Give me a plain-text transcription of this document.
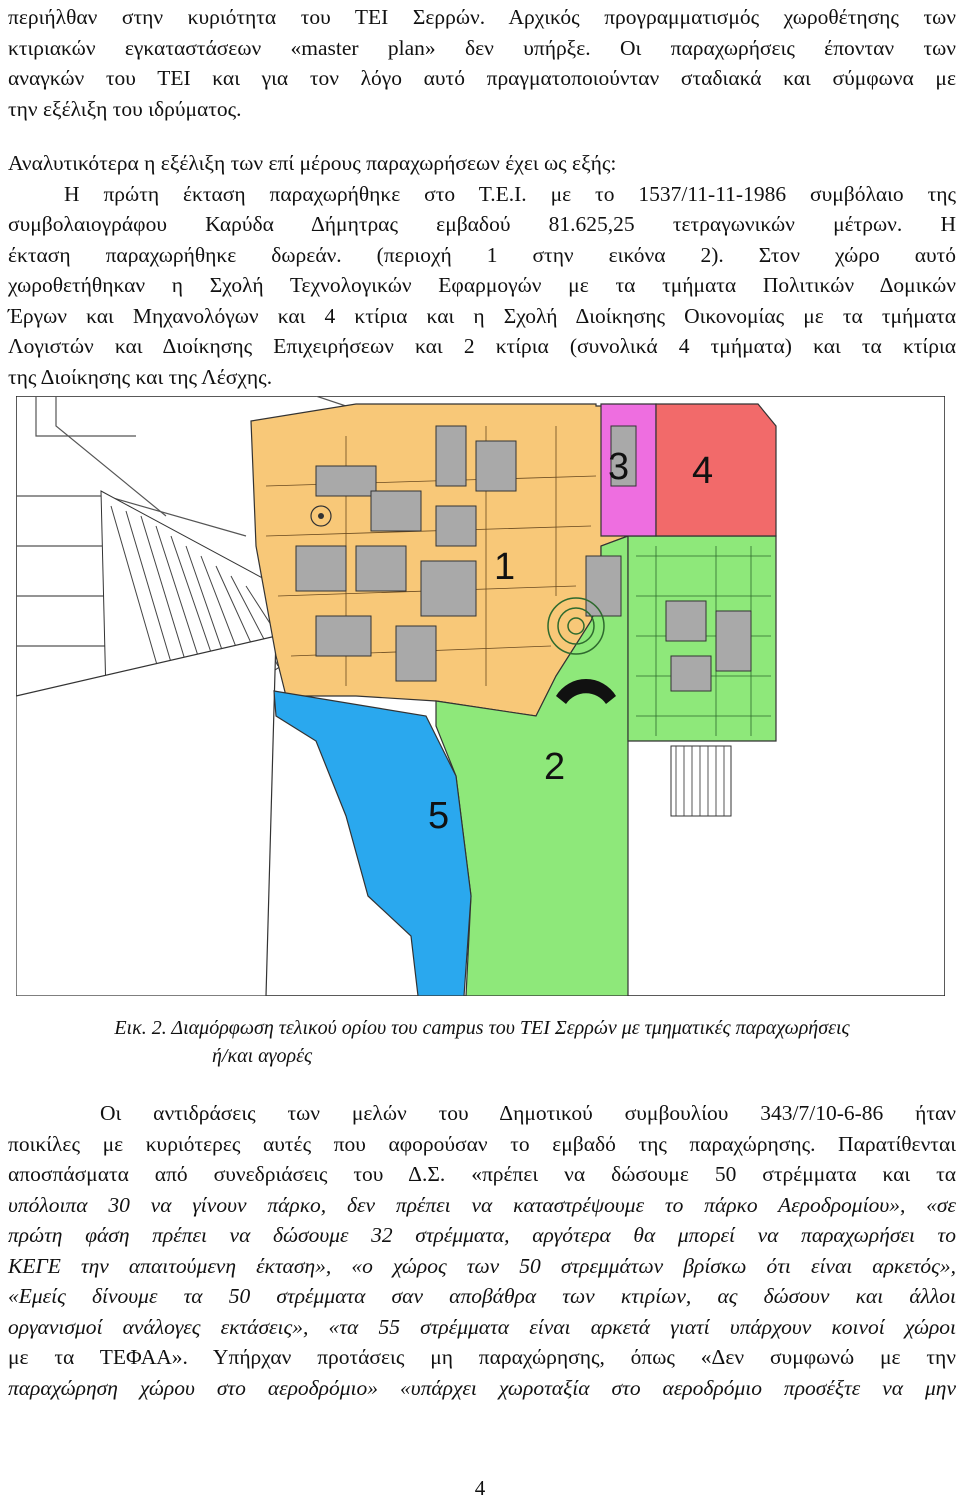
περιήλθαν στην κυριότητα του ΤΕΙ Σερρών. Αρχικός προγραμματισμός χωροθέτησης των
κτιριακών εγκαταστάσεων «master plan» δεν υπήρξε. Οι παραχωρήσεις έπονταν των
αναγκών του ΤΕΙ και για τον λόγο αυτό πραγματοποιούνταν σταδιακά και σύμφωνα με
την εξέλιξη του ιδρύματος.

Αναλυτικότερα η εξέλιξη των επί μέρους παραχωρήσεων έχει ως εξής:
Η πρώτη έκταση παραχωρήθηκε στο Τ.Ε.Ι. με το 1537/11-11-1986 συμβόλαιο της
συμβολαιογράφου Καρύδα Δήμητρας εμβαδού 81.625,25 τετραγωνικών μέτρων. Η
έκταση παραχωρήθηκε δωρεάν. (περιοχή 1 στην εικόνα 2). Στον χώρο αυτό
χωροθετήθηκαν η Σχολή Τεχνολογικών Εφαρμογών με τα τμήματα Πολιτικών Δομικών
Έργων και Μηχανολόγων και 4 κτίρια και η Σχολή Διοίκησης Οικονομίας με τα τμήματα
Λογιστών και Διοίκησης Επιχειρήσεων και 2 κτίρια (συνολικά 4 τμήματα) και τα κτίρια
της Διοίκησης και της Λέσχης.

1
2
3 4
5

Εικ. 2. Διαμόρφωση τελικού ορίου του campus του ΤΕΙ Σερρών με τμηματικές παραχωρήσεις
ή/και αγορές

Οι αντιδράσεις των μελών του Δημοτικού συμβουλίου 343/7/10-6-86 ήταν
ποικίλες με κυριότερες αυτές που αφορούσαν το εμβαδό της παραχώρησης. Παρατίθενται
αποσπάσματα από συνεδριάσεις του Δ.Σ. «πρέπει να δώσουμε 50 στρέμματα και τα
υπόλοιπα 30 να γίνουν πάρκο, δεν πρέπει να καταστρέψουμε το πάρκο Αεροδρομίου», «σε
πρώτη φάση πρέπει να δώσουμε 32 στρέμματα, αργότερα θα μπορεί να παραχωρήσει το
ΚΕΓΕ την απαιτούμενη έκταση», «ο χώρος των 50 στρεμμάτων βρίσκω ότι είναι αρκετός»,
«Εμείς δίνουμε τα 50 στρέμματα σαν αποβάθρα των κτιρίων, ας δώσουν και άλλοι
οργανισμοί ανάλογες εκτάσεις», «τα 55 στρέμματα είναι αρκετά γιατί υπάρχουν κοινοί χώροι
με τα ΤΕΦΑΑ». Υπήρχαν προτάσεις μη παραχώρησης, όπως «Δεν συμφωνώ με την
παραχώρηση χώρου στο αεροδρόμιο» «υπάρχει χωροταξία στο αεροδρόμιο προσέξτε να μην

4
